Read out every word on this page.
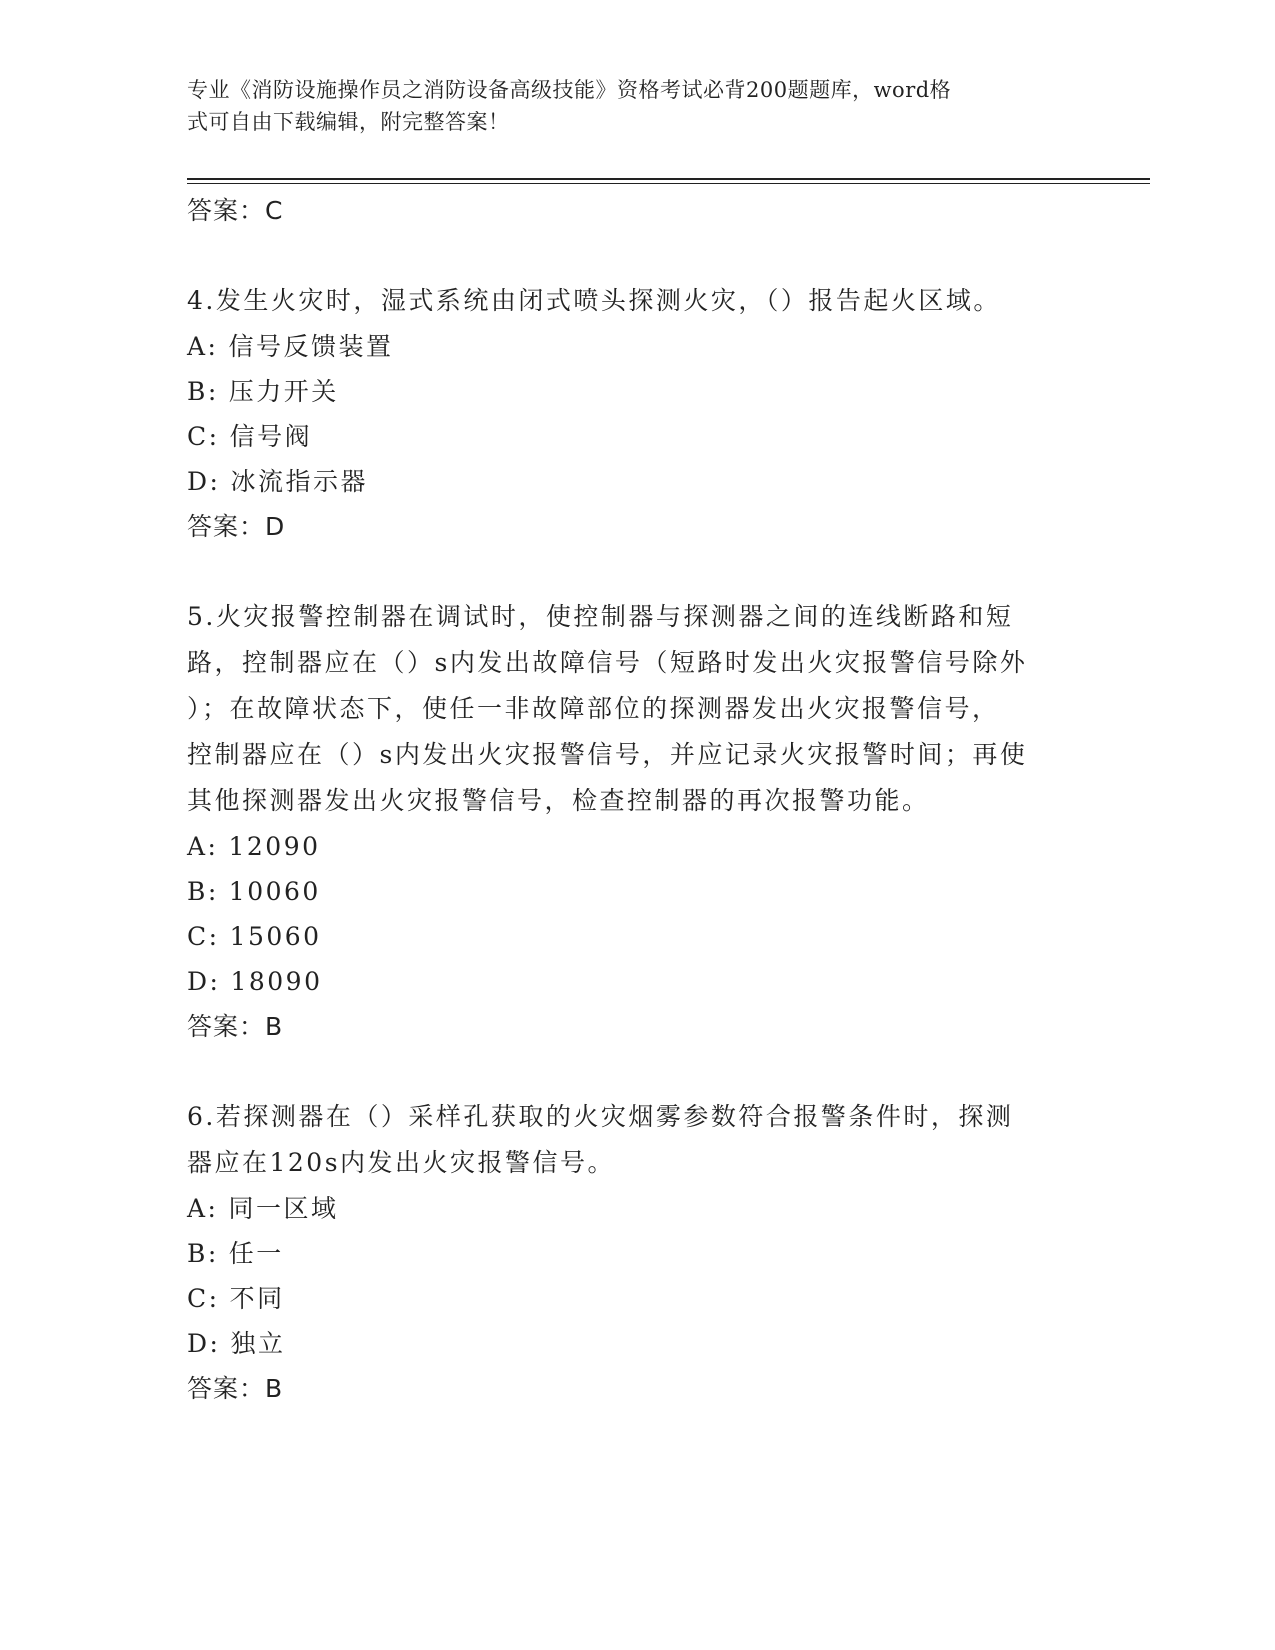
专业《消防设施操作员之消防设备高级技能》资格考试必背200题题库，word格
式可自由下载编辑，附完整答案！
答案：C
4.发生火灾时，湿式系统由闭式喷头探测火灾，（）报告起火区域。
A: 信号反馈装置
B: 压力开关
C: 信号阀
D: 冰流指示器
答案：D
5.火灾报警控制器在调试时，使控制器与探测器之间的连线断路和短
路，控制器应在（）s内发出故障信号（短路时发出火灾报警信号除外
）；在故障状态下，使任一非故障部位的探测器发出火灾报警信号，
控制器应在（）s内发出火灾报警信号，并应记录火灾报警时间；再使
其他探测器发出火灾报警信号，检查控制器的再次报警功能。
A: 12090
B: 10060
C: 15060
D: 18090
答案：B
6.若探测器在（）采样孔获取的火灾烟雾参数符合报警条件时，探测
器应在120s内发出火灾报警信号。
A: 同一区域
B: 任一
C: 不同
D: 独立
答案：B
